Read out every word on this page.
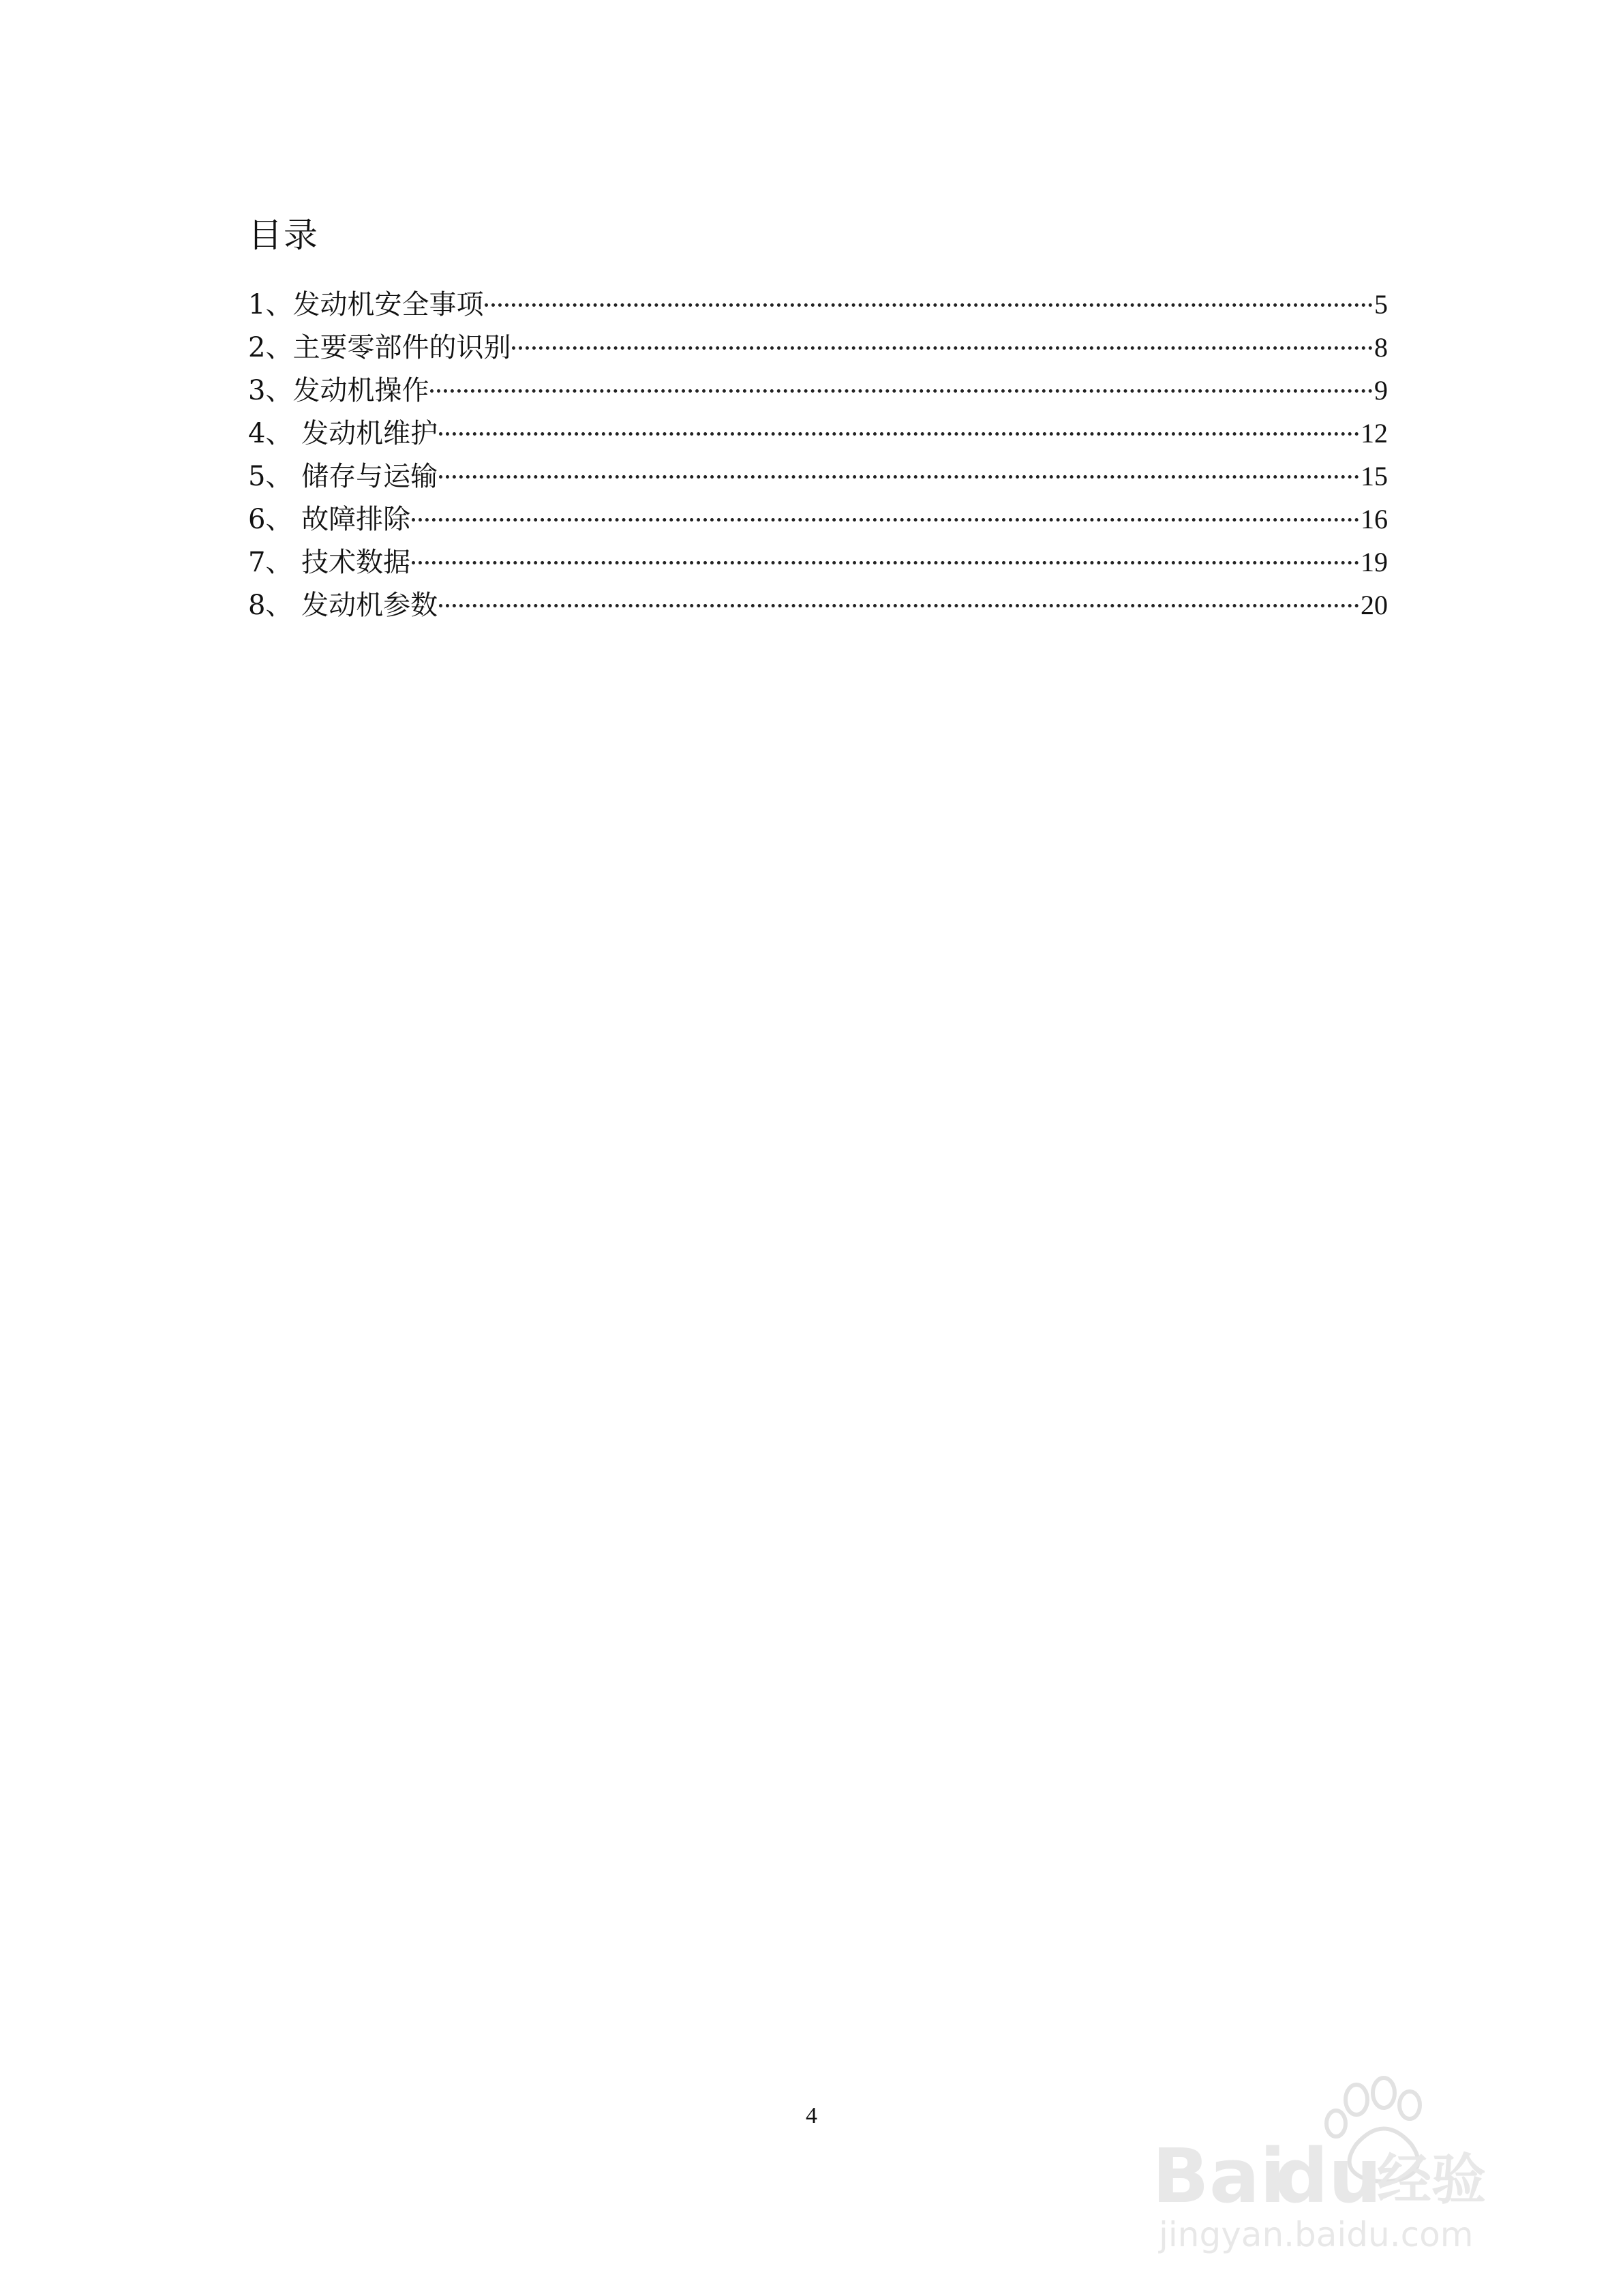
目录
1、发动机安全事项	5
2、主要零部件的识别	8
3、发动机操作	9
4、 发动机维护	12
5、 储存与运输	15
6、 故障排除	16
7、 技术数据	19
8、 发动机参数	20
4
Bai
du
经验
jingyan.baidu.com
